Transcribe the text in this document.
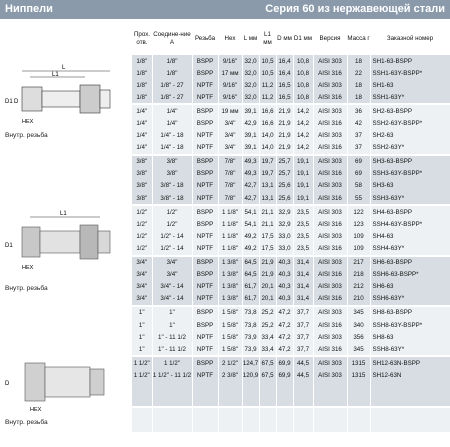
Ниппели	Серия 60 из нержавеющей стали
L
L1
D1 D
HEX
Внутр. резьба
L1
D1
HEX
Внутр. резьба
D
HEX
Внутр. резьба
Прох. отв.	Соедине-ние A	Резьба	Hex	L мм	L1 мм	D мм	D1 мм	Версия	Масса г	Заказной номер
1/8"	1/8"	BSPP	9/16"	32,0	10,5	16,4	10,8	AISI 303	18	SH1-63-BSPP
1/8"	1/8"	BSPP	17 мм	32,0	10,5	16,4	10,8	AISI 316	22	SSH1-63Y-BSPP*
1/8"	1/8" - 27	NPTF	9/16"	32,0	11,2	16,5	10,8	AISI 303	18	SH1-63
1/8"	1/8" - 27	NPTF	9/16"	32,0	11,2	16,5	10,8	AISI 316	18	SSH1-63Y*
1/4"	1/4"	BSPP	19 мм	39,1	16,6	21,9	14,2	AISI 303	36	SH2-63-BSPP
1/4"	1/4"	BSPP	3/4"	42,9	16,6	21,9	14,2	AISI 316	42	SSH2-63Y-BSPP*
1/4"	1/4" - 18	NPTF	3/4"	39,1	14,0	21,9	14,2	AISI 303	37	SH2-63
1/4"	1/4" - 18	NPTF	3/4"	39,1	14,0	21,9	14,2	AISI 316	37	SSH2-63Y*
3/8"	3/8"	BSPP	7/8"	49,3	19,7	25,7	19,1	AISI 303	69	SH3-63-BSPP
3/8"	3/8"	BSPP	7/8"	49,3	19,7	25,7	19,1	AISI 316	69	SSH3-63Y-BSPP*
3/8"	3/8" - 18	NPTF	7/8"	42,7	13,1	25,6	19,1	AISI 303	58	SH3-63
3/8"	3/8" - 18	NPTF	7/8"	42,7	13,1	25,6	19,1	AISI 316	55	SSH3-63Y*
1/2"	1/2"	BSPP	1 1/8"	54,1	21,1	32,9	23,5	AISI 303	122	SH4-63-BSPP
1/2"	1/2"	BSPP	1 1/8"	54,1	21,1	32,9	23,5	AISI 316	123	SSH4-63Y-BSPP*
1/2"	1/2" - 14	NPTF	1 1/8"	49,2	17,5	33,0	23,5	AISI 303	109	SH4-63
1/2"	1/2" - 14	NPTF	1 1/8"	49,2	17,5	33,0	23,5	AISI 316	109	SSH4-63Y*
3/4"	3/4"	BSPP	1 3/8"	64,5	21,9	40,3	31,4	AISI 303	217	SH6-63-BSPP
3/4"	3/4"	BSPP	1 3/8"	64,5	21,9	40,3	31,4	AISI 316	218	SSH6-63-BSPP*
3/4"	3/4" - 14	NPTF	1 3/8"	61,7	20,1	40,3	31,4	AISI 303	212	SH6-63
3/4"	3/4" - 14	NPTF	1 3/8"	61,7	20,1	40,3	31,4	AISI 316	210	SSH6-63Y*
1"	1"	BSPP	1 5/8"	73,8	25,2	47,2	37,7	AISI 303	345	SH8-63-BSPP
1"	1"	BSPP	1 5/8"	73,8	25,2	47,2	37,7	AISI 316	340	SSH8-63Y-BSPP*
1"	1" - 11 1/2	NPTF	1 5/8"	73,9	33,4	47,2	37,7	AISI 303	356	SH8-63
1"	1" - 11 1/2	NPTF	1 5/8"	73,9	33,4	47,2	37,7	AISI 316	345	SSH8-63Y*
1 1/2"	1 1/2"	BSPP	2 1/2"	124,7	67,5	69,9	44,5	AISI 303	1315	SH12-63N-BSPP
1 1/2"	1 1/2" - 11 1/2	NPTF	2 3/8"	120,9	67,5	69,9	44,5	AISI 303	1315	SH12-63N
